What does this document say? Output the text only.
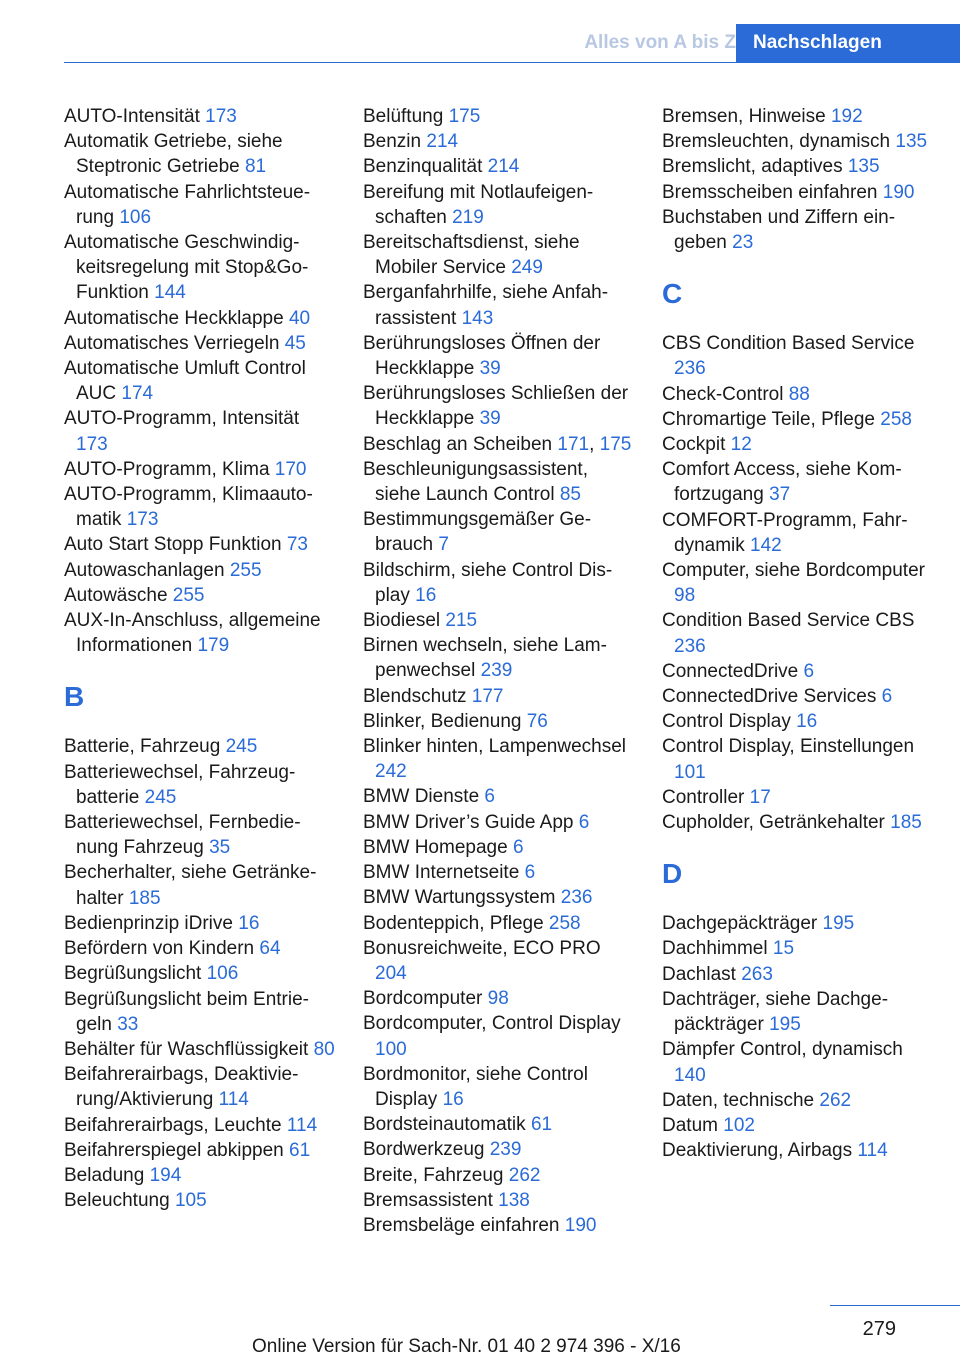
Alles von A bis Z Nachschlagen
AUTO-Intensität 173
Automatik Getriebe, siehe Steptronic Getriebe 81
Automatische Fahrlichtsteuerung 106
Automatische Geschwindigkeitsregelung mit Stop&Go-Funktion 144
Automatische Heckklappe 40
Automatisches Verriegeln 45
Automatische Umluft Control AUC 174
AUTO-Programm, Intensität 173
AUTO-Programm, Klima 170
AUTO-Programm, Klimaautomatik 173
Auto Start Stopp Funktion 73
Autowaschanlagen 255
Autowäsche 255
AUX-In-Anschluss, allgemeine Informationen 179
B
Batterie, Fahrzeug 245
Batteriewechsel, Fahrzeugbatterie 245
Batteriewechsel, Fernbedienung Fahrzeug 35
Becherhalter, siehe Getränkehalter 185
Bedienprinzip iDrive 16
Befördern von Kindern 64
Begrüßungslicht 106
Begrüßungslicht beim Entriegeln 33
Behälter für Waschflüssigkeit 80
Beifahrerairbags, Deaktivierung/Aktivierung 114
Beifahrerairbags, Leuchte 114
Beifahrerspiegel abkippen 61
Beladung 194
Beleuchtung 105
Belüftung 175
Benzin 214
Benzinqualität 214
Bereifung mit Notlaufeigenschaften 219
Bereitschaftsdienst, siehe Mobiler Service 249
Berganfahrhilfe, siehe Anfahrassistent 143
Berührungsloses Öffnen der Heckklappe 39
Berührungsloses Schließen der Heckklappe 39
Beschlag an Scheiben 171, 175
Beschleunigungsassistent, siehe Launch Control 85
Bestimmungsgemäßer Gebrauch 7
Bildschirm, siehe Control Display 16
Biodiesel 215
Birnen wechseln, siehe Lampenwechsel 239
Blendschutz 177
Blinker, Bedienung 76
Blinker hinten, Lampenwechsel 242
BMW Dienste 6
BMW Driver’s Guide App 6
BMW Homepage 6
BMW Internetseite 6
BMW Wartungssystem 236
Bodenteppich, Pflege 258
Bonusreichweite, ECO PRO 204
Bordcomputer 98
Bordcomputer, Control Display 100
Bordmonitor, siehe Control Display 16
Bordsteinautomatik 61
Bordwerkzeug 239
Breite, Fahrzeug 262
Bremsassistent 138
Bremsbeläge einfahren 190
Bremsen, Hinweise 192
Bremsleuchten, dynamisch 135
Bremslicht, adaptives 135
Bremsscheiben einfahren 190
Buchstaben und Ziffern eingeben 23
C
CBS Condition Based Service 236
Check-Control 88
Chromartige Teile, Pflege 258
Cockpit 12
Comfort Access, siehe Komfortzugang 37
COMFORT-Programm, Fahrdynamik 142
Computer, siehe Bordcomputer 98
Condition Based Service CBS 236
ConnectedDrive 6
ConnectedDrive Services 6
Control Display 16
Control Display, Einstellungen 101
Controller 17
Cupholder, Getränkehalter 185
D
Dachgepäckträger 195
Dachhimmel 15
Dachlast 263
Dachträger, siehe Dachgepäckträger 195
Dämpfer Control, dynamisch 140
Daten, technische 262
Datum 102
Deaktivierung, Airbags 114
279
Online Version für Sach-Nr. 01 40 2 974 396 - X/16
